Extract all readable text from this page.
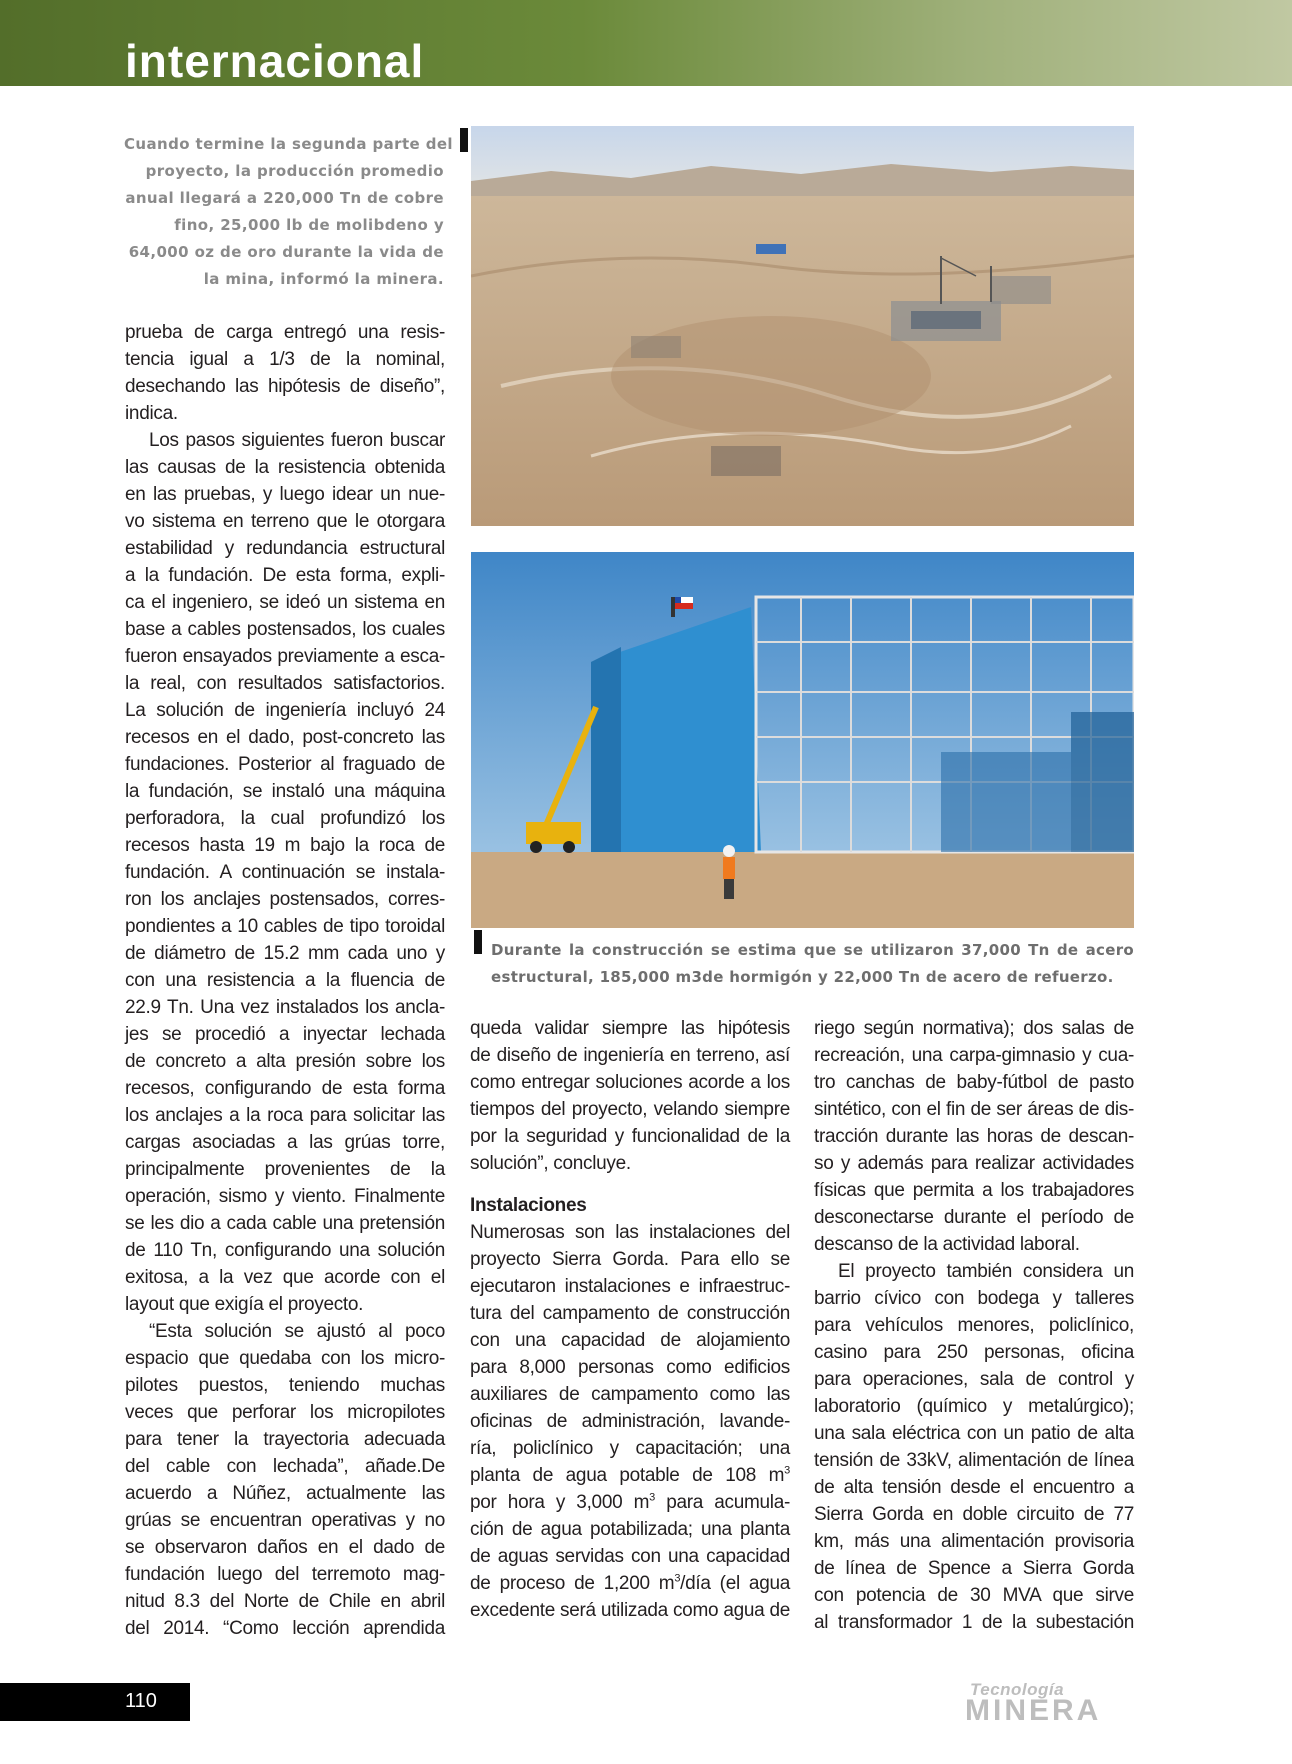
internacional
Cuando termine la segunda parte del
proyecto, la producción promedio
anual llegará a 220,000 Tn de cobre
fino, 25,000 lb de molibdeno y
64,000 oz de oro durante la vida de
la mina, informó la minera.
prueba de carga entregó una resis-
tencia igual a 1/3 de la nominal,
desechando las hipótesis de diseño”,
indica.
Los pasos siguientes fueron buscar
las causas de la resistencia obtenida
en las pruebas, y luego idear un nue-
vo sistema en terreno que le otorgara
estabilidad y redundancia estructural
a la fundación. De esta forma, expli-
ca el ingeniero, se ideó un sistema en
base a cables postensados, los cuales
fueron ensayados previamente a esca-
la real, con resultados satisfactorios.
La solución de ingeniería incluyó 24
recesos en el dado, post-concreto las
fundaciones. Posterior al fraguado de
la fundación, se instaló una máquina
perforadora, la cual profundizó los
recesos hasta 19 m bajo la roca de
fundación. A continuación se instala-
ron los anclajes postensados, corres-
pondientes a 10 cables de tipo toroidal
de diámetro de 15.2 mm cada uno y
con una resistencia a la fluencia de
22.9 Tn. Una vez instalados los ancla-
jes se procedió a inyectar lechada
de concreto a alta presión sobre los
recesos, configurando de esta forma
los anclajes a la roca para solicitar las
cargas asociadas a las grúas torre,
principalmente provenientes de la
operación, sismo y viento. Finalmente
se les dio a cada cable una pretensión
de 110 Tn, configurando una solución
exitosa, a la vez que acorde con el
layout que exigía el proyecto.
“Esta solución se ajustó al poco
espacio que quedaba con los micro-
pilotes puestos, teniendo muchas
veces que perforar los micropilotes
para tener la trayectoria adecuada
del cable con lechada”, añade.De
acuerdo a Núñez, actualmente las
grúas se encuentran operativas y no
se observaron daños en el dado de
fundación luego del terremoto mag-
nitud 8.3 del Norte de Chile en abril
del 2014. “Como lección aprendida
Durante la construcción se estima que se utilizaron 37,000 Tn de acero
estructural, 185,000 m3de hormigón y 22,000 Tn de acero de refuerzo.
queda validar siempre las hipótesis
de diseño de ingeniería en terreno, así
como entregar soluciones acorde a los
tiempos del proyecto, velando siempre
por la seguridad y funcionalidad de la
solución”, concluye.
Instalaciones
Numerosas son las instalaciones del
proyecto Sierra Gorda. Para ello se
ejecutaron instalaciones e infraestruc-
tura del campamento de construcción
con una capacidad de alojamiento
para 8,000 personas como edificios
auxiliares de campamento como las
oficinas de administración, lavande-
ría, policlínico y capacitación; una
planta de agua potable de 108 $m^3$
por hora y 3,000 $m^3$ para acumula-
ción de agua potabilizada; una planta
de aguas servidas con una capacidad
de proceso de 1,200 $m^3$/día (el agua
excedente será utilizada como agua de
riego según normativa); dos salas de
recreación, una carpa-gimnasio y cua-
tro canchas de baby-fútbol de pasto
sintético, con el fin de ser áreas de dis-
tracción durante las horas de descan-
so y además para realizar actividades
físicas que permita a los trabajadores
desconectarse durante el período de
descanso de la actividad laboral.
El proyecto también considera un
barrio cívico con bodega y talleres
para vehículos menores, policlínico,
casino para 250 personas, oficina
para operaciones, sala de control y
laboratorio (químico y metalúrgico);
una sala eléctrica con un patio de alta
tensión de 33kV, alimentación de línea
de alta tensión desde el encuentro a
Sierra Gorda en doble circuito de 77
km, más una alimentación provisoria
de línea de Spence a Sierra Gorda
con potencia de 30 MVA que sirve
al transformador 1 de la subestación
110
Tecnología
MINERA
